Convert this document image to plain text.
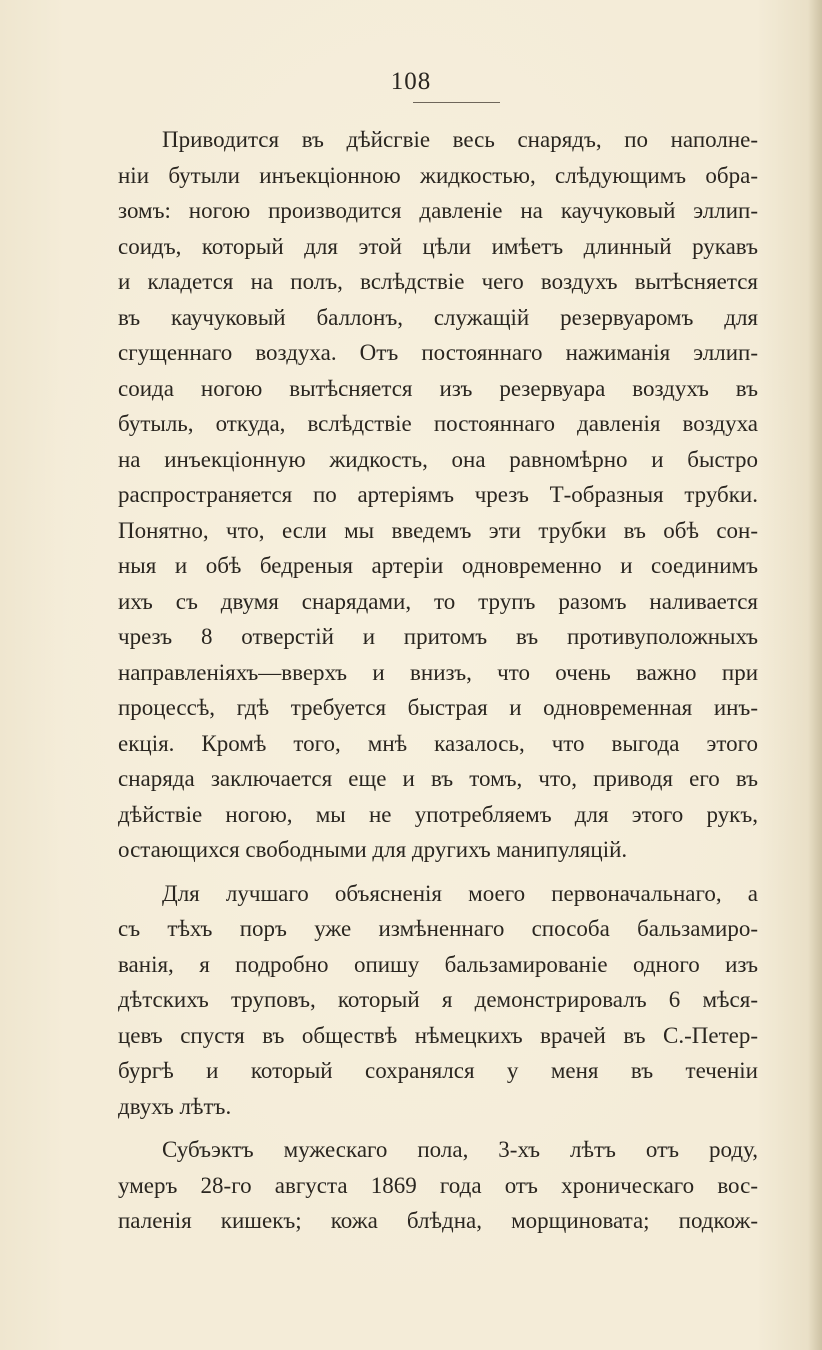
108
Приводится въ дѣйсгвіе весь снарядъ, по наполне-
ніи бутыли инъекціонною жидкостью, слѣдующимъ обра-
зомъ: ногою производится давленіе на каучуковый эллип-
соидъ, который для этой цѣли имѣетъ длинный рукавъ
и кладется на полъ, вслѣдствіе чего воздухъ вытѣсняется
въ каучуковый баллонъ, служащій резервуаромъ для
сгущеннаго воздуха. Отъ постояннаго нажиманія эллип-
соида ногою вытѣсняется изъ резервуара воздухъ въ
бутыль, откуда, вслѣдствіе постояннаго давленія воздуха
на инъекціонную жидкость, она равномѣрно и быстро
распространяется по артеріямъ чрезъ Т-образныя трубки.
Понятно, что, если мы введемъ эти трубки въ обѣ сон-
ныя и обѣ бедреныя артеріи одновременно и соединимъ
ихъ съ двумя снарядами, то трупъ разомъ наливается
чрезъ 8 отверстій и притомъ въ противуположныхъ
направленіяхъ—вверхъ и внизъ, что очень важно при
процессѣ, гдѣ требуется быстрая и одновременная инъ-
екція. Кромѣ того, мнѣ казалось, что выгода этого
снаряда заключается еще и въ томъ, что, приводя его въ
дѣйствіе ногою, мы не употребляемъ для этого рукъ,
остающихся свободными для другихъ манипуляцій.
Для лучшаго объясненія моего первоначальнаго, а
съ тѣхъ поръ уже измѣненнаго способа бальзамиро-
ванія, я подробно опишу бальзамированіе одного изъ
дѣтскихъ труповъ, который я демонстрировалъ 6 мѣся-
цевъ спустя въ обществѣ нѣмецкихъ врачей въ С.-Петер-
бургѣ и который сохранялся у меня въ теченіи
двухъ лѣтъ.
Субъэктъ мужескаго пола, 3-хъ лѣтъ отъ роду,
умеръ 28-го августа 1869 года отъ хроническаго вос-
паленія кишекъ; кожа блѣдна, морщиновата; подкож-
